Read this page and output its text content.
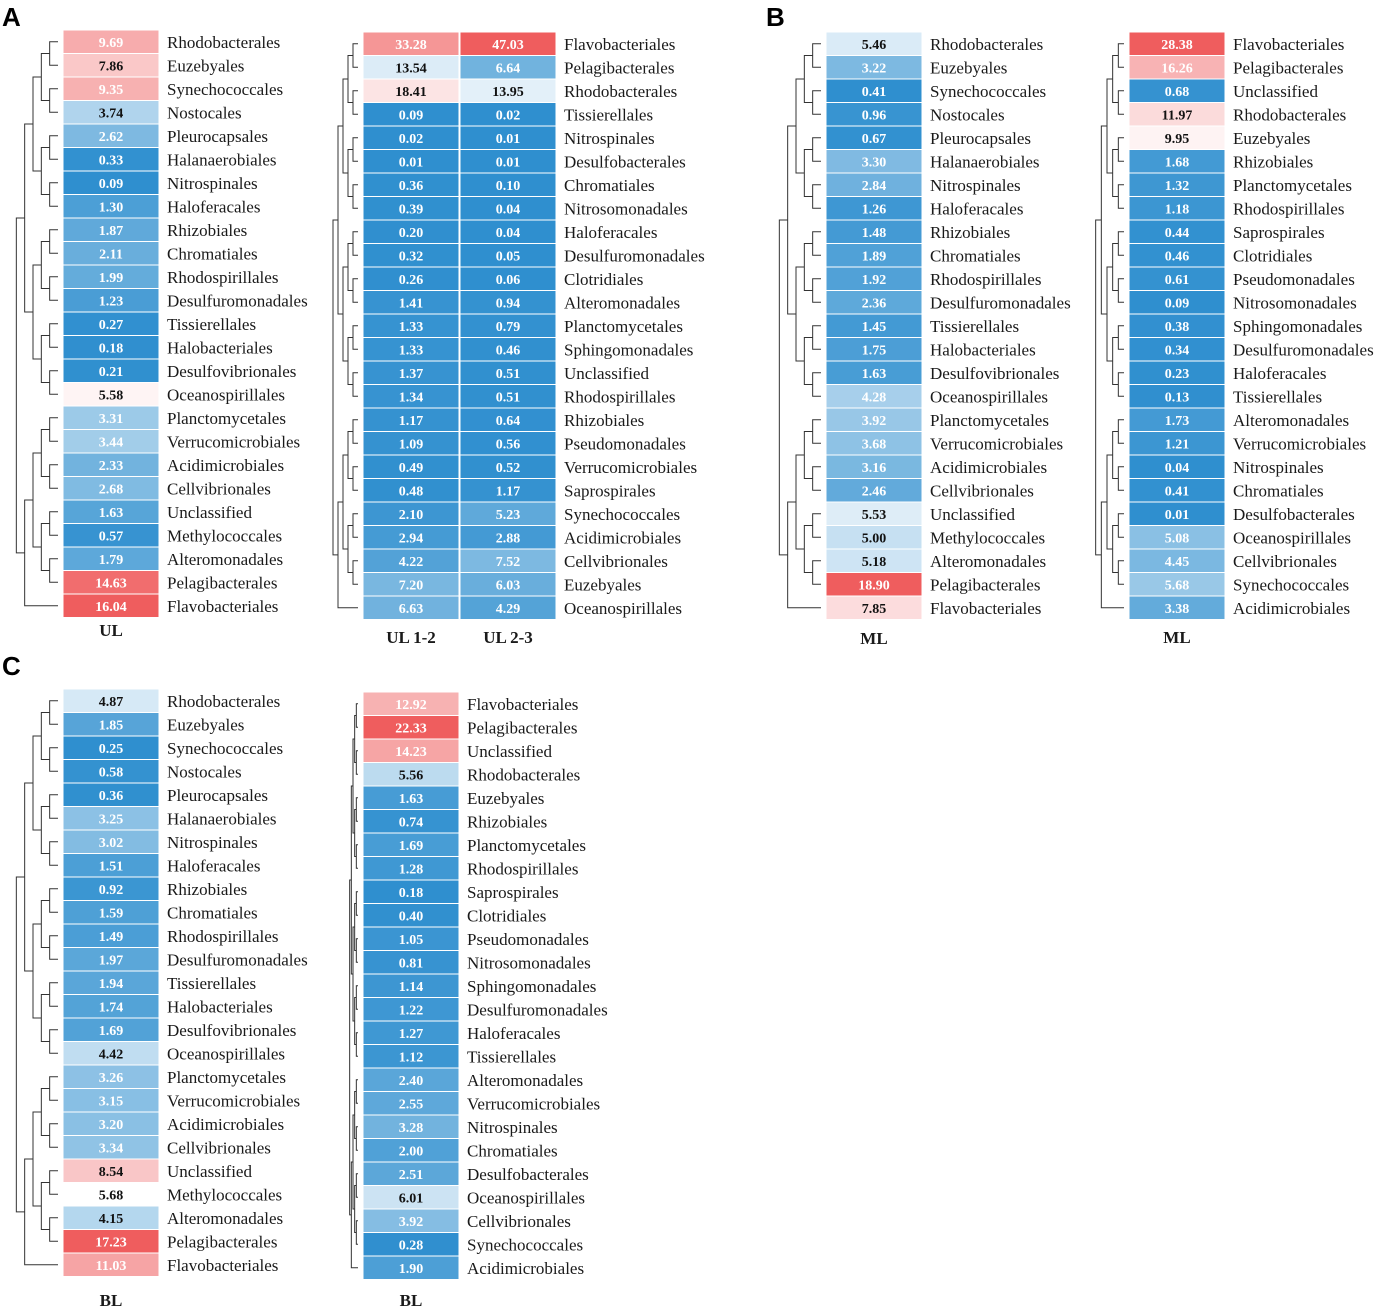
A	B
C
9.69	Rhodobacterales
7.86	Euzebyales
9.35	Synechococcales
3.74	Nostocales
2.62	Pleurocapsales
0.33	Halanaerobiales
0.09	Nitrospinales
1.30	Haloferacales
1.87	Rhizobiales
2.11	Chromatiales
1.99	Rhodospirillales
1.23	Desulfuromonadales
0.27	Tissierellales
0.18	Halobacteriales
0.21	Desulfovibrionales
5.58	Oceanospirillales
3.31	Planctomycetales
3.44	Verrucomicrobiales
2.33	Acidimicrobiales
2.68	Cellvibrionales
1.63	Unclassified
0.57	Methylococcales
1.79	Alteromonadales
14.63 Pelagibacterales
16.04 Flavobacteriales
UL
33.28	47.03 Flavobacteriales
13.54	6.64	Pelagibacterales
18.41	13.95 Rhodobacterales
0.09	0.02	Tissierellales
0.02	0.01	Nitrospinales
0.01	0.01	Desulfobacterales
0.36	0.10	Chromatiales
0.39	0.04	Nitrosomonadales
0.20	0.04	Haloferacales
0.32	0.05	Desulfuromonadales
0.26	0.06	Clotridiales
1.41	0.94	Alteromonadales
1.33	0.79	Planctomycetales
1.33	0.46	Sphingomonadales
1.37	0.51	Unclassified
1.34	0.51	Rhodospirillales
1.17	0.64	Rhizobiales
1.09	0.56	Pseudomonadales
0.49	0.52	Verrucomicrobiales
0.48	1.17	Saprospirales
2.10	5.23	Synechococcales
2.94	2.88	Acidimicrobiales
4.22	7.52	Cellvibrionales
7.20	6.03	Euzebyales
6.63	4.29	Oceanospirillales
UL 1-2	UL 2-3
5.46	Rhodobacterales
3.22	Euzebyales
0.41	Synechococcales
0.96	Nostocales
0.67	Pleurocapsales
3.30	Halanaerobiales
2.84	Nitrospinales
1.26	Haloferacales
1.48	Rhizobiales
1.89	Chromatiales
1.92	Rhodospirillales
2.36	Desulfuromonadales
1.45	Tissierellales
1.75	Halobacteriales
1.63	Desulfovibrionales
4.28	Oceanospirillales
3.92	Planctomycetales
3.68	Verrucomicrobiales
3.16	Acidimicrobiales
2.46	Cellvibrionales
5.53	Unclassified
5.00	Methylococcales
5.18	Alteromonadales
18.90 Pelagibacterales
7.85	Flavobacteriales
ML
28.38 Flavobacteriales
16.26 Pelagibacterales
0.68	Unclassified
11.97 Rhodobacterales
9.95	Euzebyales
1.68	Rhizobiales
1.32	Planctomycetales
1.18	Rhodospirillales
0.44	Saprospirales
0.46	Clotridiales
0.61	Pseudomonadales
0.09	Nitrosomonadales
0.38	Sphingomonadales
0.34	Desulfuromonadales
0.23	Haloferacales
0.13	Tissierellales
1.73	Alteromonadales
1.21	Verrucomicrobiales
0.04	Nitrospinales
0.41	Chromatiales
0.01	Desulfobacterales
5.08	Oceanospirillales
4.45	Cellvibrionales
5.68	Synechococcales
3.38	Acidimicrobiales
ML
4.87	Rhodobacterales
1.85	Euzebyales
0.25	Synechococcales
0.58	Nostocales
0.36	Pleurocapsales
3.25	Halanaerobiales
3.02	Nitrospinales
1.51	Haloferacales
0.92	Rhizobiales
1.59	Chromatiales
1.49	Rhodospirillales
1.97	Desulfuromonadales
1.94	Tissierellales
1.74	Halobacteriales
1.69	Desulfovibrionales
4.42	Oceanospirillales
3.26	Planctomycetales
3.15	Verrucomicrobiales
3.20	Acidimicrobiales
3.34	Cellvibrionales
8.54	Unclassified
5.68	Methylococcales
4.15	Alteromonadales
17.23 Pelagibacterales
11.03 Flavobacteriales
BL
12.92 Flavobacteriales
22.33 Pelagibacterales
14.23 Unclassified
5.56	Rhodobacterales
1.63	Euzebyales
0.74	Rhizobiales
1.69	Planctomycetales
1.28	Rhodospirillales
0.18	Saprospirales
0.40	Clotridiales
1.05	Pseudomonadales
0.81	Nitrosomonadales
1.14	Sphingomonadales
1.22	Desulfuromonadales
1.27	Haloferacales
1.12	Tissierellales
2.40	Alteromonadales
2.55	Verrucomicrobiales
3.28	Nitrospinales
2.00	Chromatiales
2.51	Desulfobacterales
6.01	Oceanospirillales
3.92	Cellvibrionales
0.28	Synechococcales
1.90	Acidimicrobiales
BL
